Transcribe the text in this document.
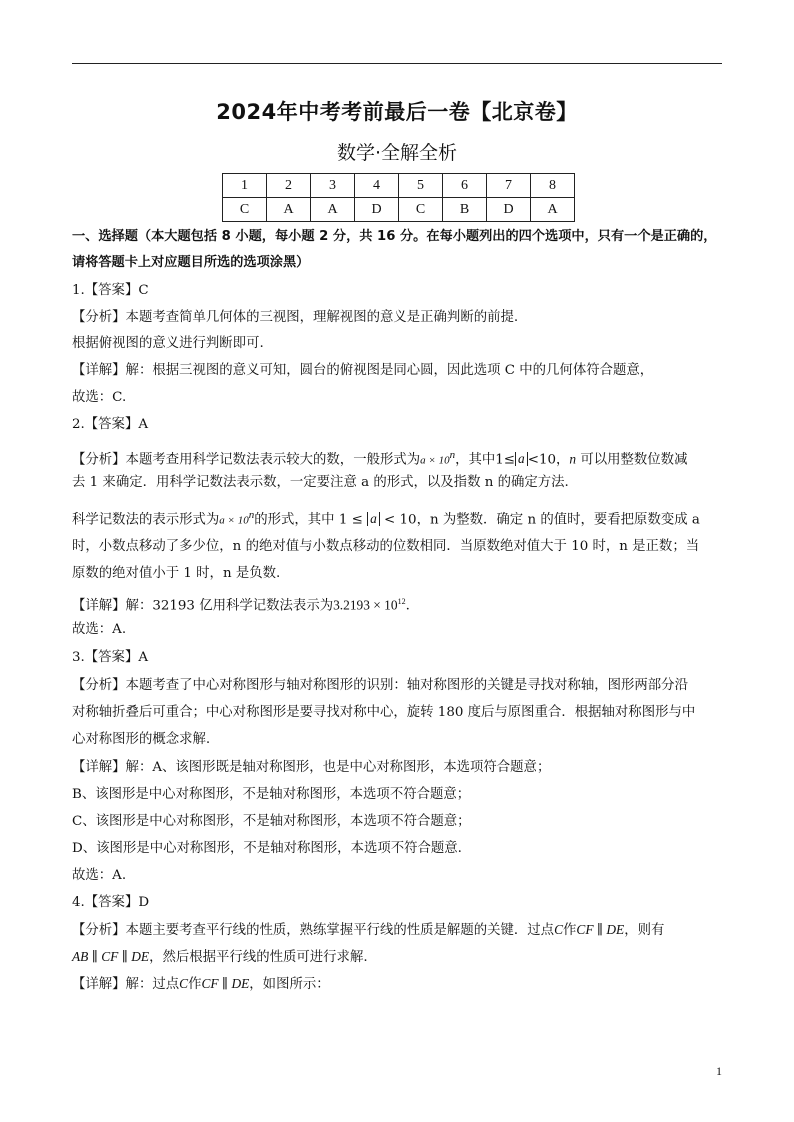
2024年中考考前最后一卷【北京卷】
数学·全解全析
1	2	3	4	5	6	7	8
C	A	A	D	C	B	D	A
一、选择题（本大题包括 8 小题，每小题 2 分，共 16 分。在每小题列出的四个选项中，只有一个是正确的，
请将答题卡上对应题目所选的选项涂黑）
1.【答案】C
【分析】本题考查简单几何体的三视图，理解视图的意义是正确判断的前提.
根据俯视图的意义进行判断即可.
【详解】解：根据三视图的意义可知，圆台的俯视图是同心圆，因此选项 C 中的几何体符合题意，
故选：C.
2.【答案】A
【分析】本题考查用科学记数法表示较大的数，一般形式为$a \times 10^n$，其中1≤ a <10，n 可以用整数位数减
去 1 来确定．用科学记数法表示数，一定要注意 a 的形式，以及指数 n 的确定方法.
科学记数法的表示形式为$a \times 10^n$的形式，其中 1 ≤ a < 10，n 为整数．确定 n 的值时，要看把原数变成 a
时，小数点移动了多少位，n 的绝对值与小数点移动的位数相同．当原数绝对值大于 10 时，n 是正数；当
原数的绝对值小于 1 时，n 是负数.
【详解】解：32193 亿用科学记数法表示为$3.2193 \times 10^{12}$.
故选：A.
3.【答案】A
【分析】本题考查了中心对称图形与轴对称图形的识别：轴对称图形的关键是寻找对称轴，图形两部分沿
对称轴折叠后可重合；中心对称图形是要寻找对称中心，旋转 180 度后与原图重合．根据轴对称图形与中
心对称图形的概念求解.
【详解】解：A、该图形既是轴对称图形，也是中心对称图形，本选项符合题意；
B、该图形是中心对称图形，不是轴对称图形，本选项不符合题意；
C、该图形是中心对称图形，不是轴对称图形，本选项不符合题意；
D、该图形是中心对称图形，不是轴对称图形，本选项不符合题意.
故选：A.
4.【答案】D
【分析】本题主要考查平行线的性质，熟练掌握平行线的性质是解题的关键．过点C作CF ∥ DE，则有
AB ∥ CF ∥ DE，然后根据平行线的性质可进行求解.
【详解】解：过点C作CF ∥ DE，如图所示：
1
